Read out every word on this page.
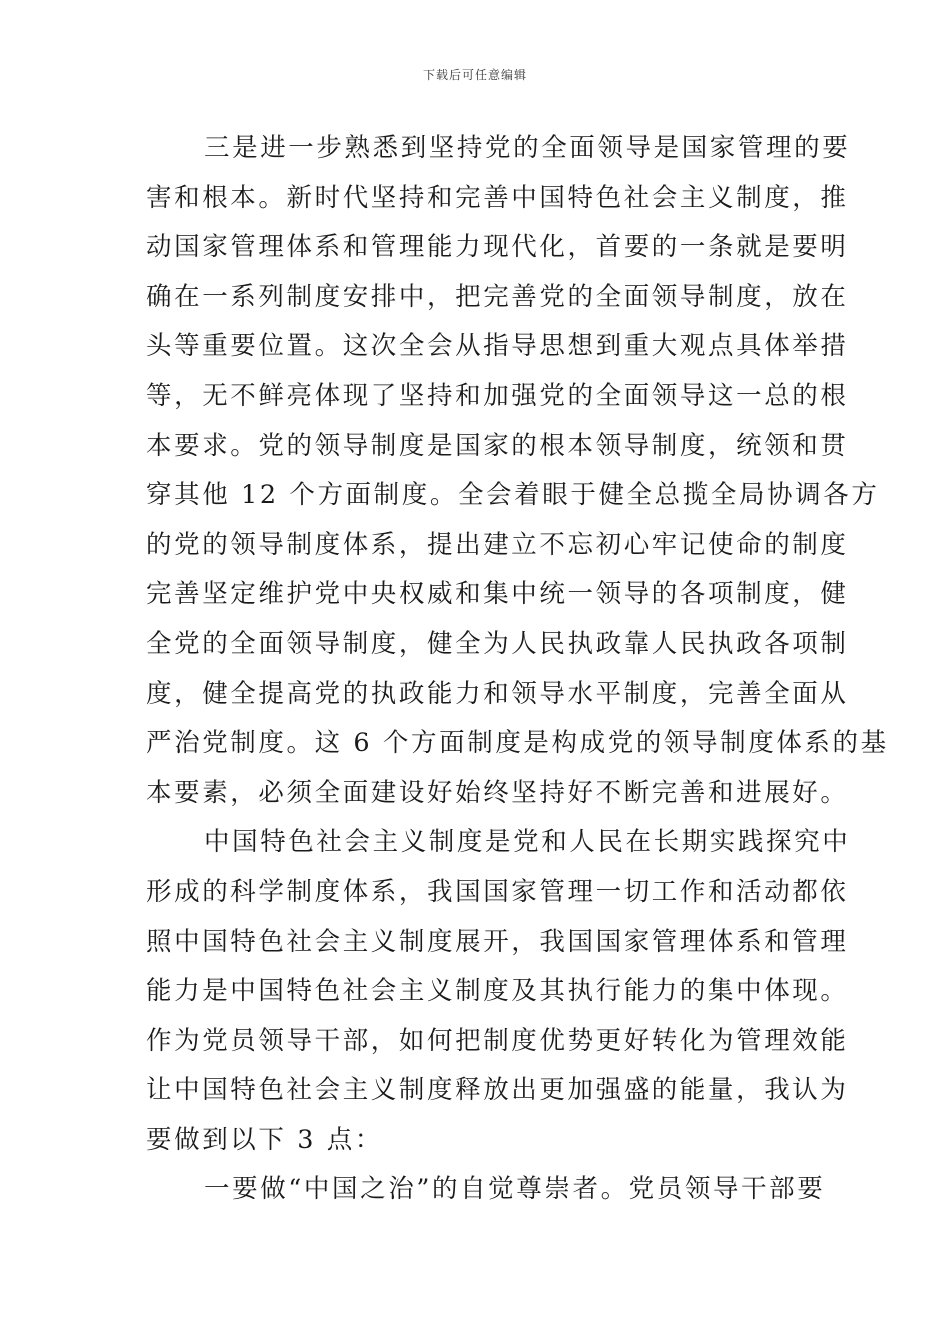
下载后可任意编辑
三是进一步熟悉到坚持党的全面领导是国家管理的要
害和根本。新时代坚持和完善中国特色社会主义制度，推
动国家管理体系和管理能力现代化，首要的一条就是要明
确在一系列制度安排中，把完善党的全面领导制度，放在
头等重要位置。这次全会从指导思想到重大观点具体举措
等，无不鲜亮体现了坚持和加强党的全面领导这一总的根
本要求。党的领导制度是国家的根本领导制度，统领和贯
穿其他 12 个方面制度。全会着眼于健全总揽全局协调各方
的党的领导制度体系，提出建立不忘初心牢记使命的制度
完善坚定维护党中央权威和集中统一领导的各项制度，健
全党的全面领导制度，健全为人民执政靠人民执政各项制
度，健全提高党的执政能力和领导水平制度，完善全面从
严治党制度。这 6 个方面制度是构成党的领导制度体系的基
本要素，必须全面建设好始终坚持好不断完善和进展好。
中国特色社会主义制度是党和人民在长期实践探究中
形成的科学制度体系，我国国家管理一切工作和活动都依
照中国特色社会主义制度展开，我国国家管理体系和管理
能力是中国特色社会主义制度及其执行能力的集中体现。
作为党员领导干部，如何把制度优势更好转化为管理效能
让中国特色社会主义制度释放出更加强盛的能量，我认为
要做到以下 3 点：
一要做“中国之治”的自觉尊崇者。党员领导干部要
